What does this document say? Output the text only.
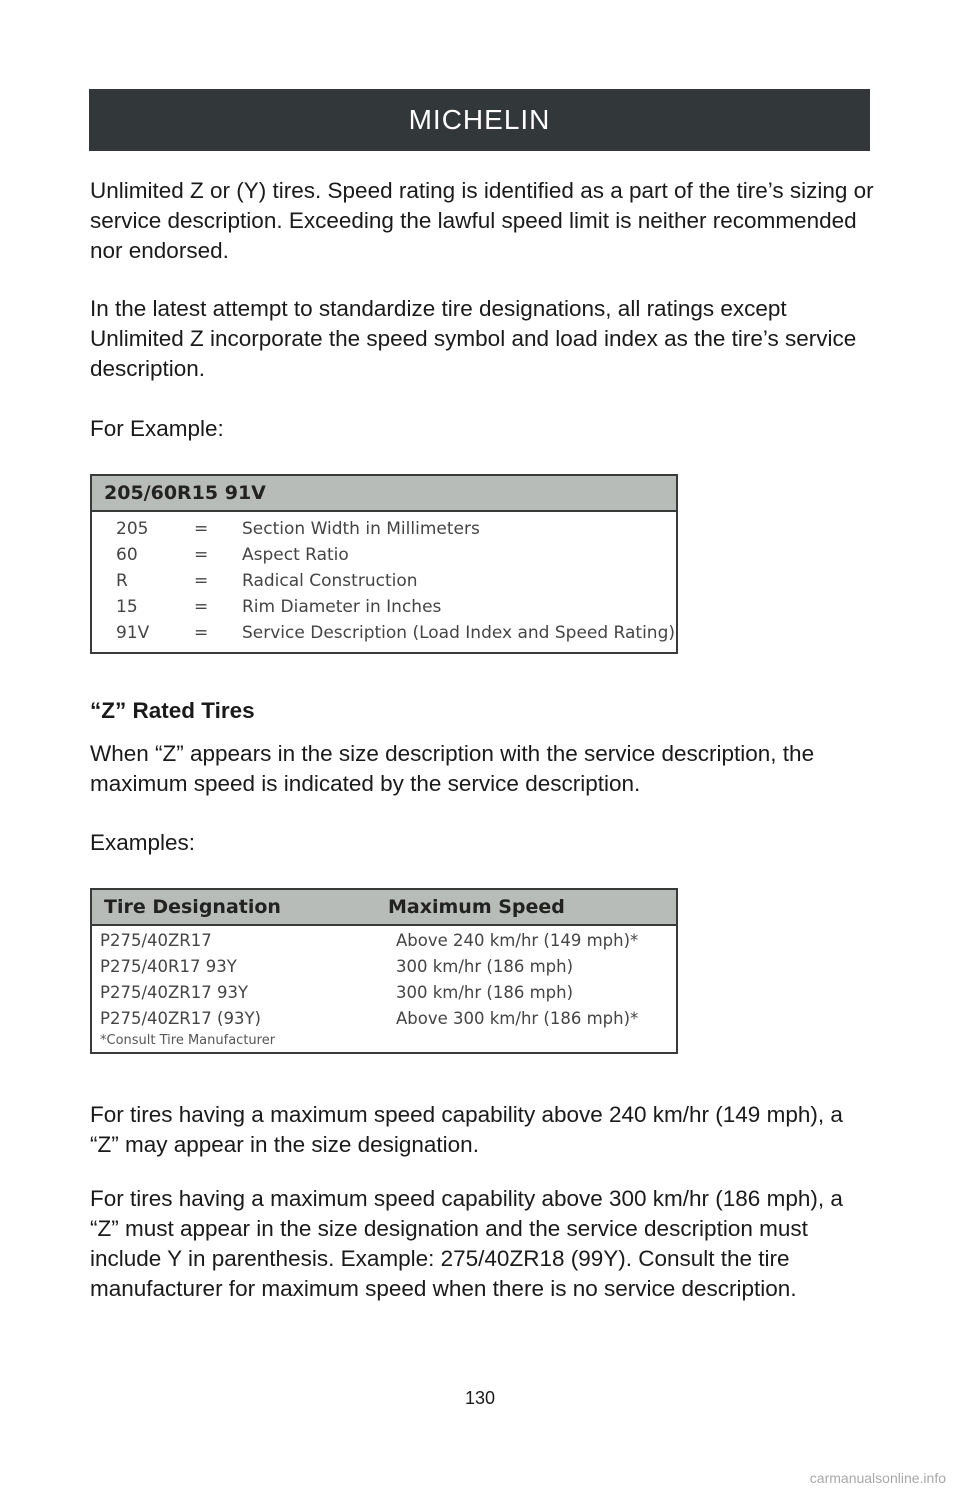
MICHELIN

Unlimited Z or (Y) tires. Speed rating is identified as a part of the tire’s sizing or service description. Exceeding the lawful speed limit is neither recommended nor endorsed.

In the latest attempt to standardize tire designations, all ratings except Unlimited Z incorporate the speed symbol and load index as the tire’s service description.

For Example:

205/60R15 91V
205	=	Section Width in Millimeters
60	=	Aspect Ratio
R	=	Radical Construction
15	=	Rim Diameter in Inches
91V	=	Service Description (Load Index and Speed Rating)

“Z” Rated Tires

When “Z” appears in the size description with the service description, the maximum speed is indicated by the service description.

Examples:

Tire Designation	Maximum Speed
P275/40ZR17	Above 240 km/hr (149 mph)*
P275/40R17 93Y	300 km/hr (186 mph)
P275/40ZR17 93Y	300 km/hr (186 mph)
P275/40ZR17 (93Y)	Above 300 km/hr (186 mph)*
*Consult Tire Manufacturer

For tires having a maximum speed capability above 240 km/hr (149 mph), a “Z” may appear in the size designation.

For tires having a maximum speed capability above 300 km/hr (186 mph), a “Z” must appear in the size designation and the service description must include Y in parenthesis. Example: 275/40ZR18 (99Y). Consult the tire manufacturer for maximum speed when there is no service description.

130
carmanualsonline.info
